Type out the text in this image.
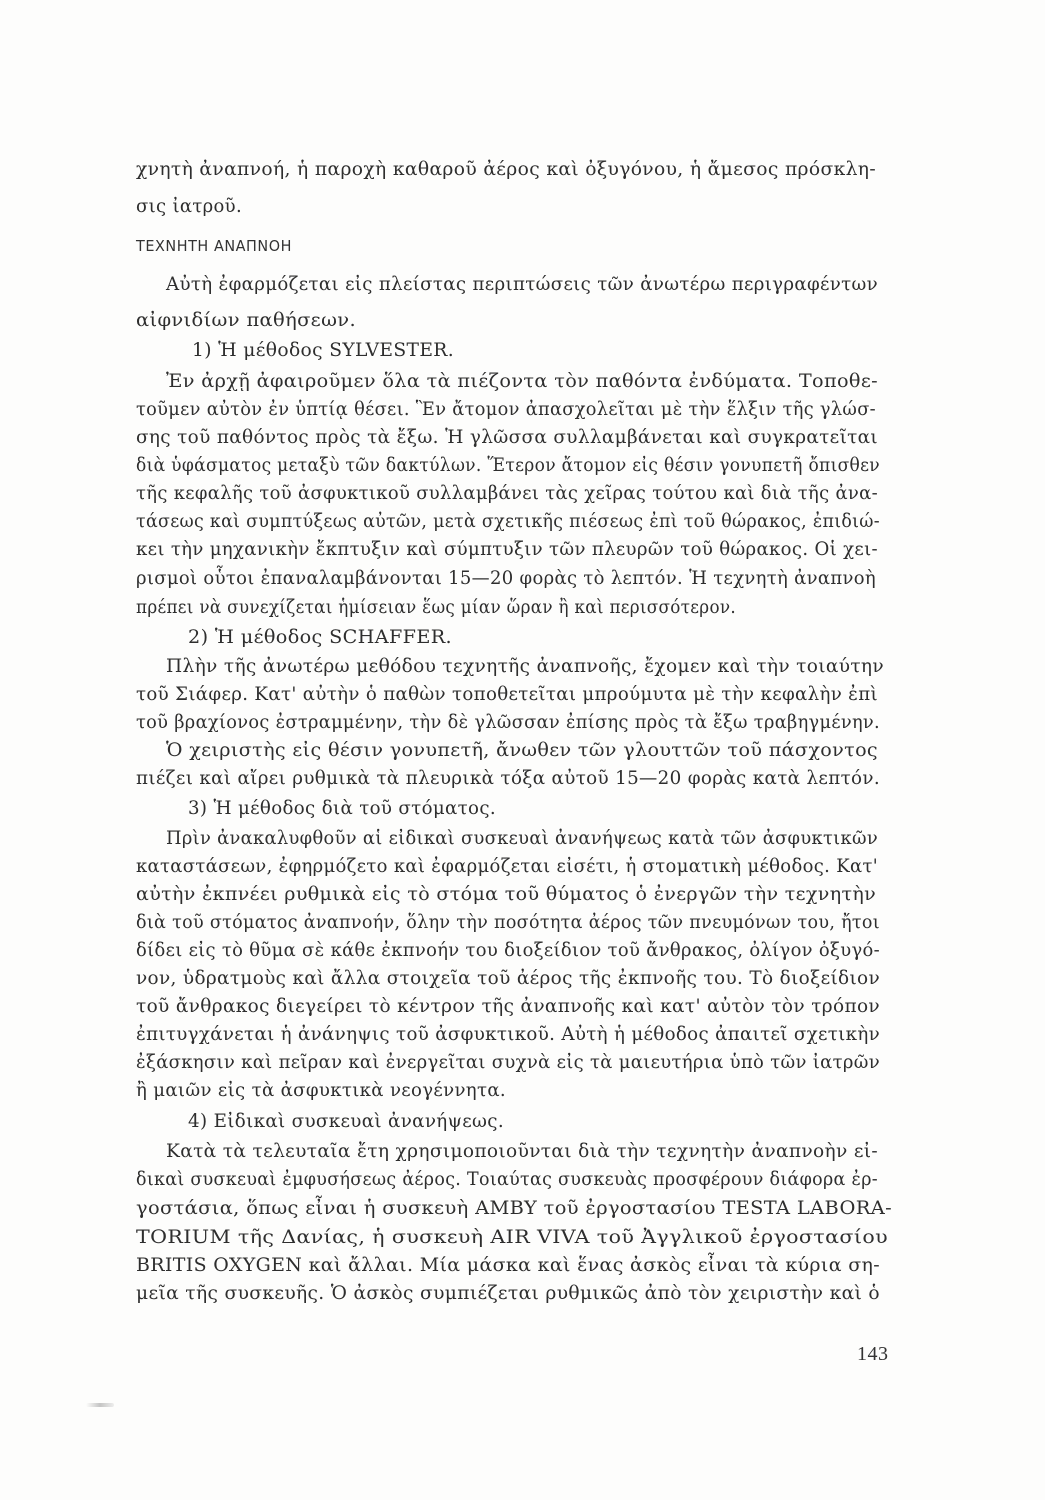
χνητὴ ἀναπνοή, ἡ παροχὴ καθαροῦ ἀέρος καὶ ὀξυγόνου, ἡ ἄμεσος πρόσκλη-
σις ἰατροῦ.
ΤΕΧΝΗΤΗ ΑΝΑΠΝΟΗ
Αὐτὴ ἐφαρμόζεται εἰς πλείστας περιπτώσεις τῶν ἀνωτέρω περιγραφέντων
αἰφνιδίων παθήσεων.
1) Ἡ μέθοδος SYLVESTER.
Ἐν ἀρχῇ ἀφαιροῦμεν ὅλα τὰ πιέζοντα τὸν παθόντα ἐνδύματα. Τοποθε-
τοῦμεν αὐτὸν ἐν ὑπτίᾳ θέσει. Ἓν ἄτομον ἀπασχολεῖται μὲ τὴν ἕλξιν τῆς γλώσ-
σης τοῦ παθόντος πρὸς τὰ ἔξω. Ἡ γλῶσσα συλλαμβάνεται καὶ συγκρατεῖται
διὰ ὑφάσματος μεταξὺ τῶν δακτύλων. Ἕτερον ἄτομον εἰς θέσιν γονυπετῆ ὄπισθεν
τῆς κεφαλῆς τοῦ ἀσφυκτικοῦ συλλαμβάνει τὰς χεῖρας τούτου καὶ διὰ τῆς ἀνα-
τάσεως καὶ συμπτύξεως αὐτῶν, μετὰ σχετικῆς πιέσεως ἐπὶ τοῦ θώρακος, ἐπιδιώ-
κει τὴν μηχανικὴν ἔκπτυξιν καὶ σύμπτυξιν τῶν πλευρῶν τοῦ θώρακος. Οἱ χει-
ρισμοὶ οὗτοι ἐπαναλαμβάνονται 15—20 φορὰς τὸ λεπτόν. Ἡ τεχνητὴ ἀναπνοὴ
πρέπει νὰ συνεχίζεται ἡμίσειαν ἕως μίαν ὥραν ἢ καὶ περισσότερον.
2) Ἡ μέθοδος SCHAFFER.
Πλὴν τῆς ἀνωτέρω μεθόδου τεχνητῆς ἀναπνοῆς, ἔχομεν καὶ τὴν τοιαύτην
τοῦ Σιάφερ. Κατ' αὐτὴν ὁ παθὼν τοποθετεῖται μπρούμυτα μὲ τὴν κεφαλὴν ἐπὶ
τοῦ βραχίονος ἐστραμμένην, τὴν δὲ γλῶσσαν ἐπίσης πρὸς τὰ ἔξω τραβηγμένην.
Ὁ χειριστὴς εἰς θέσιν γονυπετῆ, ἄνωθεν τῶν γλουττῶν τοῦ πάσχοντος
πιέζει καὶ αἴρει ρυθμικὰ τὰ πλευρικὰ τόξα αὐτοῦ 15—20 φορὰς κατὰ λεπτόν.
3) Ἡ μέθοδος διὰ τοῦ στόματος.
Πρὶν ἀνακαλυφθοῦν αἱ εἰδικαὶ συσκευαὶ ἀνανήψεως κατὰ τῶν ἀσφυκτικῶν
καταστάσεων, ἐφηρμόζετο καὶ ἐφαρμόζεται εἰσέτι, ἡ στοματικὴ μέθοδος. Κατ'
αὐτὴν ἐκπνέει ρυθμικὰ εἰς τὸ στόμα τοῦ θύματος ὁ ἐνεργῶν τὴν τεχνητὴν
διὰ τοῦ στόματος ἀναπνοήν, ὅλην τὴν ποσότητα ἀέρος τῶν πνευμόνων του, ἤτοι
δίδει εἰς τὸ θῦμα σὲ κάθε ἐκπνοήν του διοξείδιον τοῦ ἄνθρακος, ὀλίγον ὀξυγό-
νον, ὑδρατμοὺς καὶ ἄλλα στοιχεῖα τοῦ ἀέρος τῆς ἐκπνοῆς του. Τὸ διοξείδιον
τοῦ ἄνθρακος διεγείρει τὸ κέντρον τῆς ἀναπνοῆς καὶ κατ' αὐτὸν τὸν τρόπον
ἐπιτυγχάνεται ἡ ἀνάνηψις τοῦ ἀσφυκτικοῦ. Αὐτὴ ἡ μέθοδος ἀπαιτεῖ σχετικὴν
ἐξάσκησιν καὶ πεῖραν καὶ ἐνεργεῖται συχνὰ εἰς τὰ μαιευτήρια ὑπὸ τῶν ἰατρῶν
ἢ μαιῶν εἰς τὰ ἀσφυκτικὰ νεογέννητα.
4) Εἰδικαὶ συσκευαὶ ἀνανήψεως.
Κατὰ τὰ τελευταῖα ἔτη χρησιμοποιοῦνται διὰ τὴν τεχνητὴν ἀναπνοὴν εἰ-
δικαὶ συσκευαὶ ἐμφυσήσεως ἀέρος. Τοιαύτας συσκευὰς προσφέρουν διάφορα ἐρ-
γοστάσια, ὅπως εἶναι ἡ συσκευὴ AMBY τοῦ ἐργοστασίου TESTA LABORA-
TORIUM τῆς Δανίας, ἡ συσκευὴ AIR VIVA τοῦ Ἀγγλικοῦ ἐργοστασίου
BRITIS OXYGEN καὶ ἄλλαι. Μία μάσκα καὶ ἕνας ἀσκὸς εἶναι τὰ κύρια ση-
μεῖα τῆς συσκευῆς. Ὁ ἀσκὸς συμπιέζεται ρυθμικῶς ἀπὸ τὸν χειριστὴν καὶ ὁ
143
